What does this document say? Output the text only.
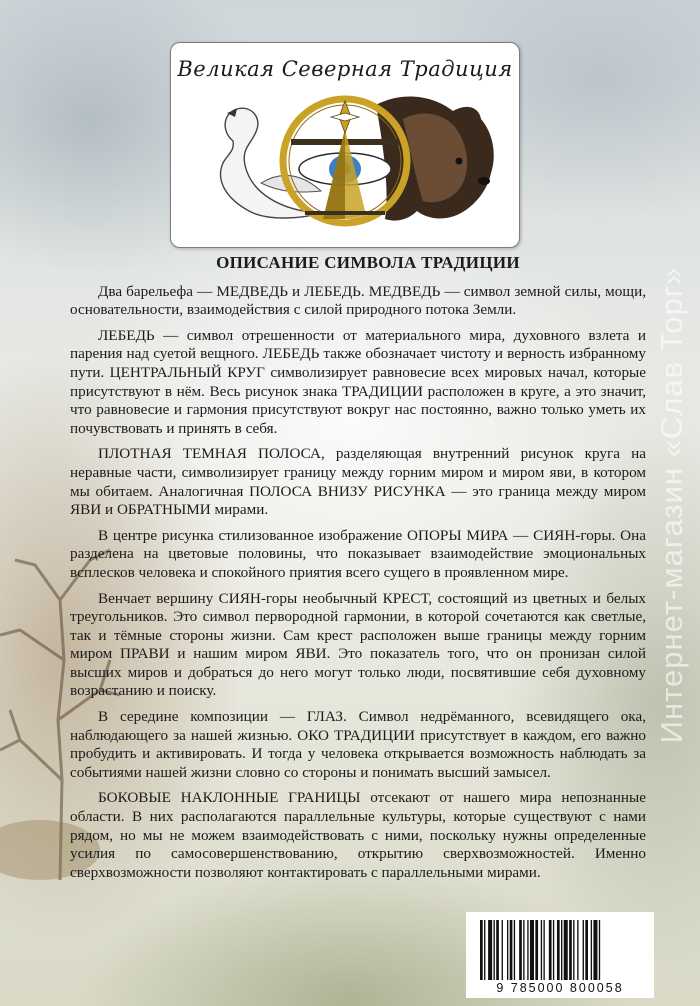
Великая Северная Традиция
ОПИСАНИЕ СИМВОЛА ТРАДИЦИИ

Два барельефа — МЕДВЕДЬ и ЛЕБЕДЬ. МЕДВЕДЬ — символ земной силы, мощи, основательности, взаимодействия с силой природного потока Земли.

ЛЕБЕДЬ — символ отрешенности от материального мира, духовного взлета и парения над суетой вещного. ЛЕБЕДЬ также обозначает чистоту и верность избранному пути. ЦЕНТРАЛЬНЫЙ КРУГ символизирует равновесие всех мировых начал, которые присутствуют в нём. Весь рисунок знака ТРАДИЦИИ расположен в круге, а это значит, что равновесие и гармония присутствуют вокруг нас постоянно, важно только уметь их почувствовать и принять в себя.

ПЛОТНАЯ ТЕМНАЯ ПОЛОСА, разделяющая внутренний рисунок круга на неравные части, символизирует границу между горним миром и миром яви, в котором мы обитаем. Аналогичная ПОЛОСА ВНИЗУ РИСУНКА — это граница между миром ЯВИ и ОБРАТНЫМИ мирами.

В центре рисунка стилизованное изображение ОПОРЫ МИРА — СИЯН-горы. Она разделена на цветовые половины, что показывает взаимодействие эмоциональных всплесков человека и спокойного приятия всего сущего в проявленном мире.

Венчает вершину СИЯН-горы необычный КРЕСТ, состоящий из цветных и белых треугольников. Это символ первородной гармонии, в которой сочетаются как светлые, так и тёмные стороны жизни. Сам крест расположен выше границы между горним миром ПРАВИ и нашим миром ЯВИ. Это показатель того, что он пронизан силой высших миров и добраться до него могут только люди, посвятившие себя духовному возрастанию и поиску.

В середине композиции — ГЛАЗ. Символ недрёманного, всевидящего ока, наблюдающего за нашей жизнью. ОКО ТРАДИЦИИ присутствует в каждом, его важно пробудить и активировать. И тогда у человека открывается возможность наблюдать за событиями нашей жизни словно со стороны и понимать высший замысел.

БОКОВЫЕ НАКЛОННЫЕ ГРАНИЦЫ отсекают от нашего мира непознанные области. В них располагаются параллельные культуры, которые существуют с нами рядом, но мы не можем взаимодействовать с ними, поскольку нужны определенные усилия по самосовершенствованию, открытию сверхвозможностей. Именно сверхвозможности позволяют контактировать с параллельными мирами.

Интернет-магазин «Слав Торг»
9 785000 800058
